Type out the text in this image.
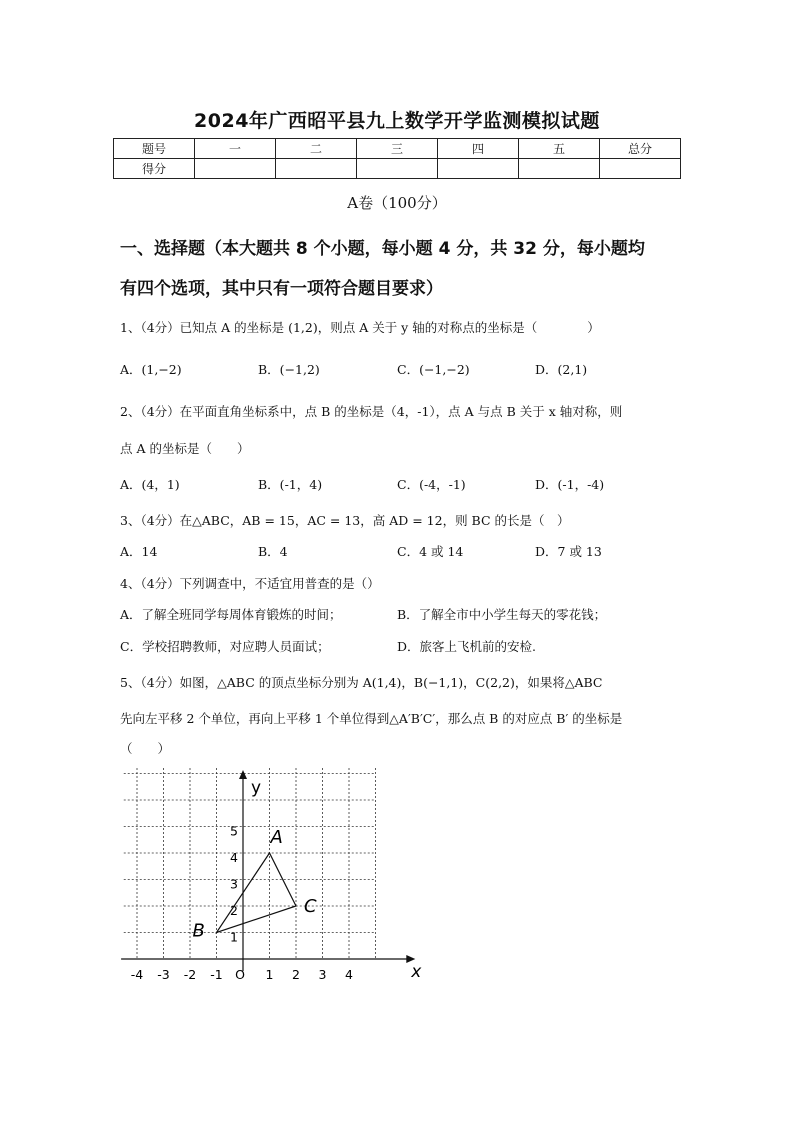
2024年广西昭平县九上数学开学监测模拟试题
题号	一	二	三	四	五	总分
得分						
A卷（100分）
一、选择题（本大题共 8 个小题，每小题 4 分，共 32 分，每小题均
有四个选项，其中只有一项符合题目要求）
1、（4分）已知点 A 的坐标是 (1,2)，则点 A 关于 y 轴的对称点的坐标是（　　　　）
A．(1,−2)	B．(−1,2)	C．(−1,−2)	D．(2,1)
2、（4分）在平面直角坐标系中，点 B 的坐标是（4，-1），点 A 与点 B 关于 x 轴对称，则
点 A 的坐标是（　　）
A．(4，1)	B．(-1，4)	C．(-4，-1)	D．(-1，-4)
3、（4分）在△ABC，AB = 15，AC = 13，高 AD = 12，则 BC 的长是（　）
A．14	B．4	C．4 或 14	D．7 或 13
4、（4分）下列调查中，不适宜用普查的是（）
A．了解全班同学每周体育锻炼的时间；	B．了解全市中小学生每天的零花钱；
C．学校招聘教师，对应聘人员面试；	D．旅客上飞机前的安检.
5、（4分）如图，△ABC 的顶点坐标分别为 A(1,4)，B(−1,1)，C(2,2)，如果将△ABC
先向左平移 2 个单位，再向上平移 1 个单位得到△A′B′C′，那么点 B 的对应点 B′ 的坐标是
（　　）
x
y
-4 -3 -2 -1 O 1 2 3 4
1
2
3
4
5 A
B
C
